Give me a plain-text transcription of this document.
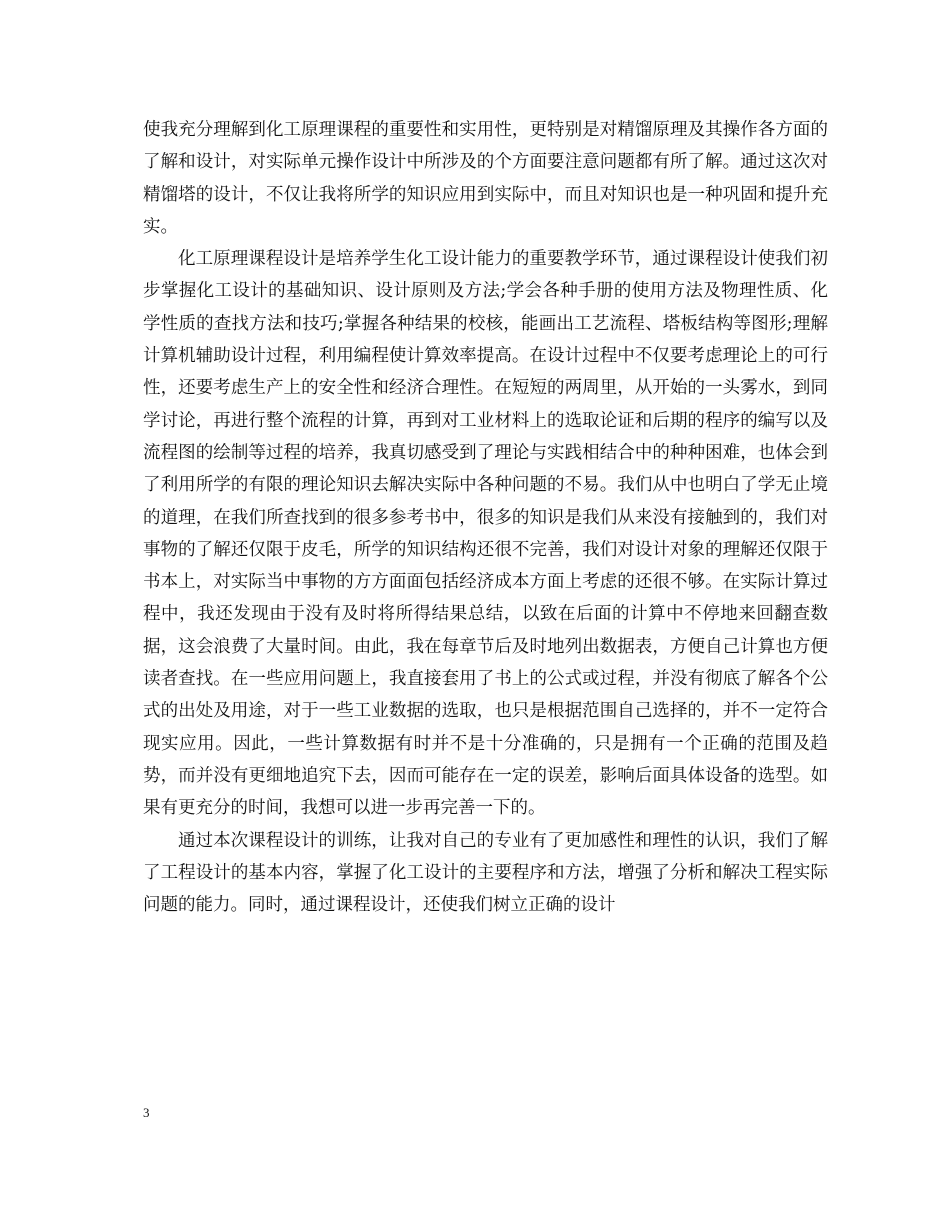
使我充分理解到化工原理课程的重要性和实用性，更特别是对精馏原理及其操作各方面的了解和设计，对实际单元操作设计中所涉及的个方面要注意问题都有所了解。通过这次对精馏塔的设计，不仅让我将所学的知识应用到实际中，而且对知识也是一种巩固和提升充实。

化工原理课程设计是培养学生化工设计能力的重要教学环节，通过课程设计使我们初步掌握化工设计的基础知识、设计原则及方法;学会各种手册的使用方法及物理性质、化学性质的查找方法和技巧;掌握各种结果的校核，能画出工艺流程、塔板结构等图形;理解计算机辅助设计过程，利用编程使计算效率提高。在设计过程中不仅要考虑理论上的可行性，还要考虑生产上的安全性和经济合理性。在短短的两周里，从开始的一头雾水，到同学讨论，再进行整个流程的计算，再到对工业材料上的选取论证和后期的程序的编写以及流程图的绘制等过程的培养，我真切感受到了理论与实践相结合中的种种困难，也体会到了利用所学的有限的理论知识去解决实际中各种问题的不易。我们从中也明白了学无止境的道理，在我们所查找到的很多参考书中，很多的知识是我们从来没有接触到的，我们对事物的了解还仅限于皮毛，所学的知识结构还很不完善，我们对设计对象的理解还仅限于书本上，对实际当中事物的方方面面包括经济成本方面上考虑的还很不够。在实际计算过程中，我还发现由于没有及时将所得结果总结，以致在后面的计算中不停地来回翻查数据，这会浪费了大量时间。由此，我在每章节后及时地列出数据表，方便自己计算也方便读者查找。在一些应用问题上，我直接套用了书上的公式或过程，并没有彻底了解各个公式的出处及用途，对于一些工业数据的选取，也只是根据范围自己选择的，并不一定符合现实应用。因此，一些计算数据有时并不是十分准确的，只是拥有一个正确的范围及趋势，而并没有更细地追究下去，因而可能存在一定的误差，影响后面具体设备的选型。如果有更充分的时间，我想可以进一步再完善一下的。

通过本次课程设计的训练，让我对自己的专业有了更加感性和理性的认识，我们了解了工程设计的基本内容，掌握了化工设计的主要程序和方法，增强了分析和解决工程实际问题的能力。同时，通过课程设计，还使我们树立正确的设计

3
